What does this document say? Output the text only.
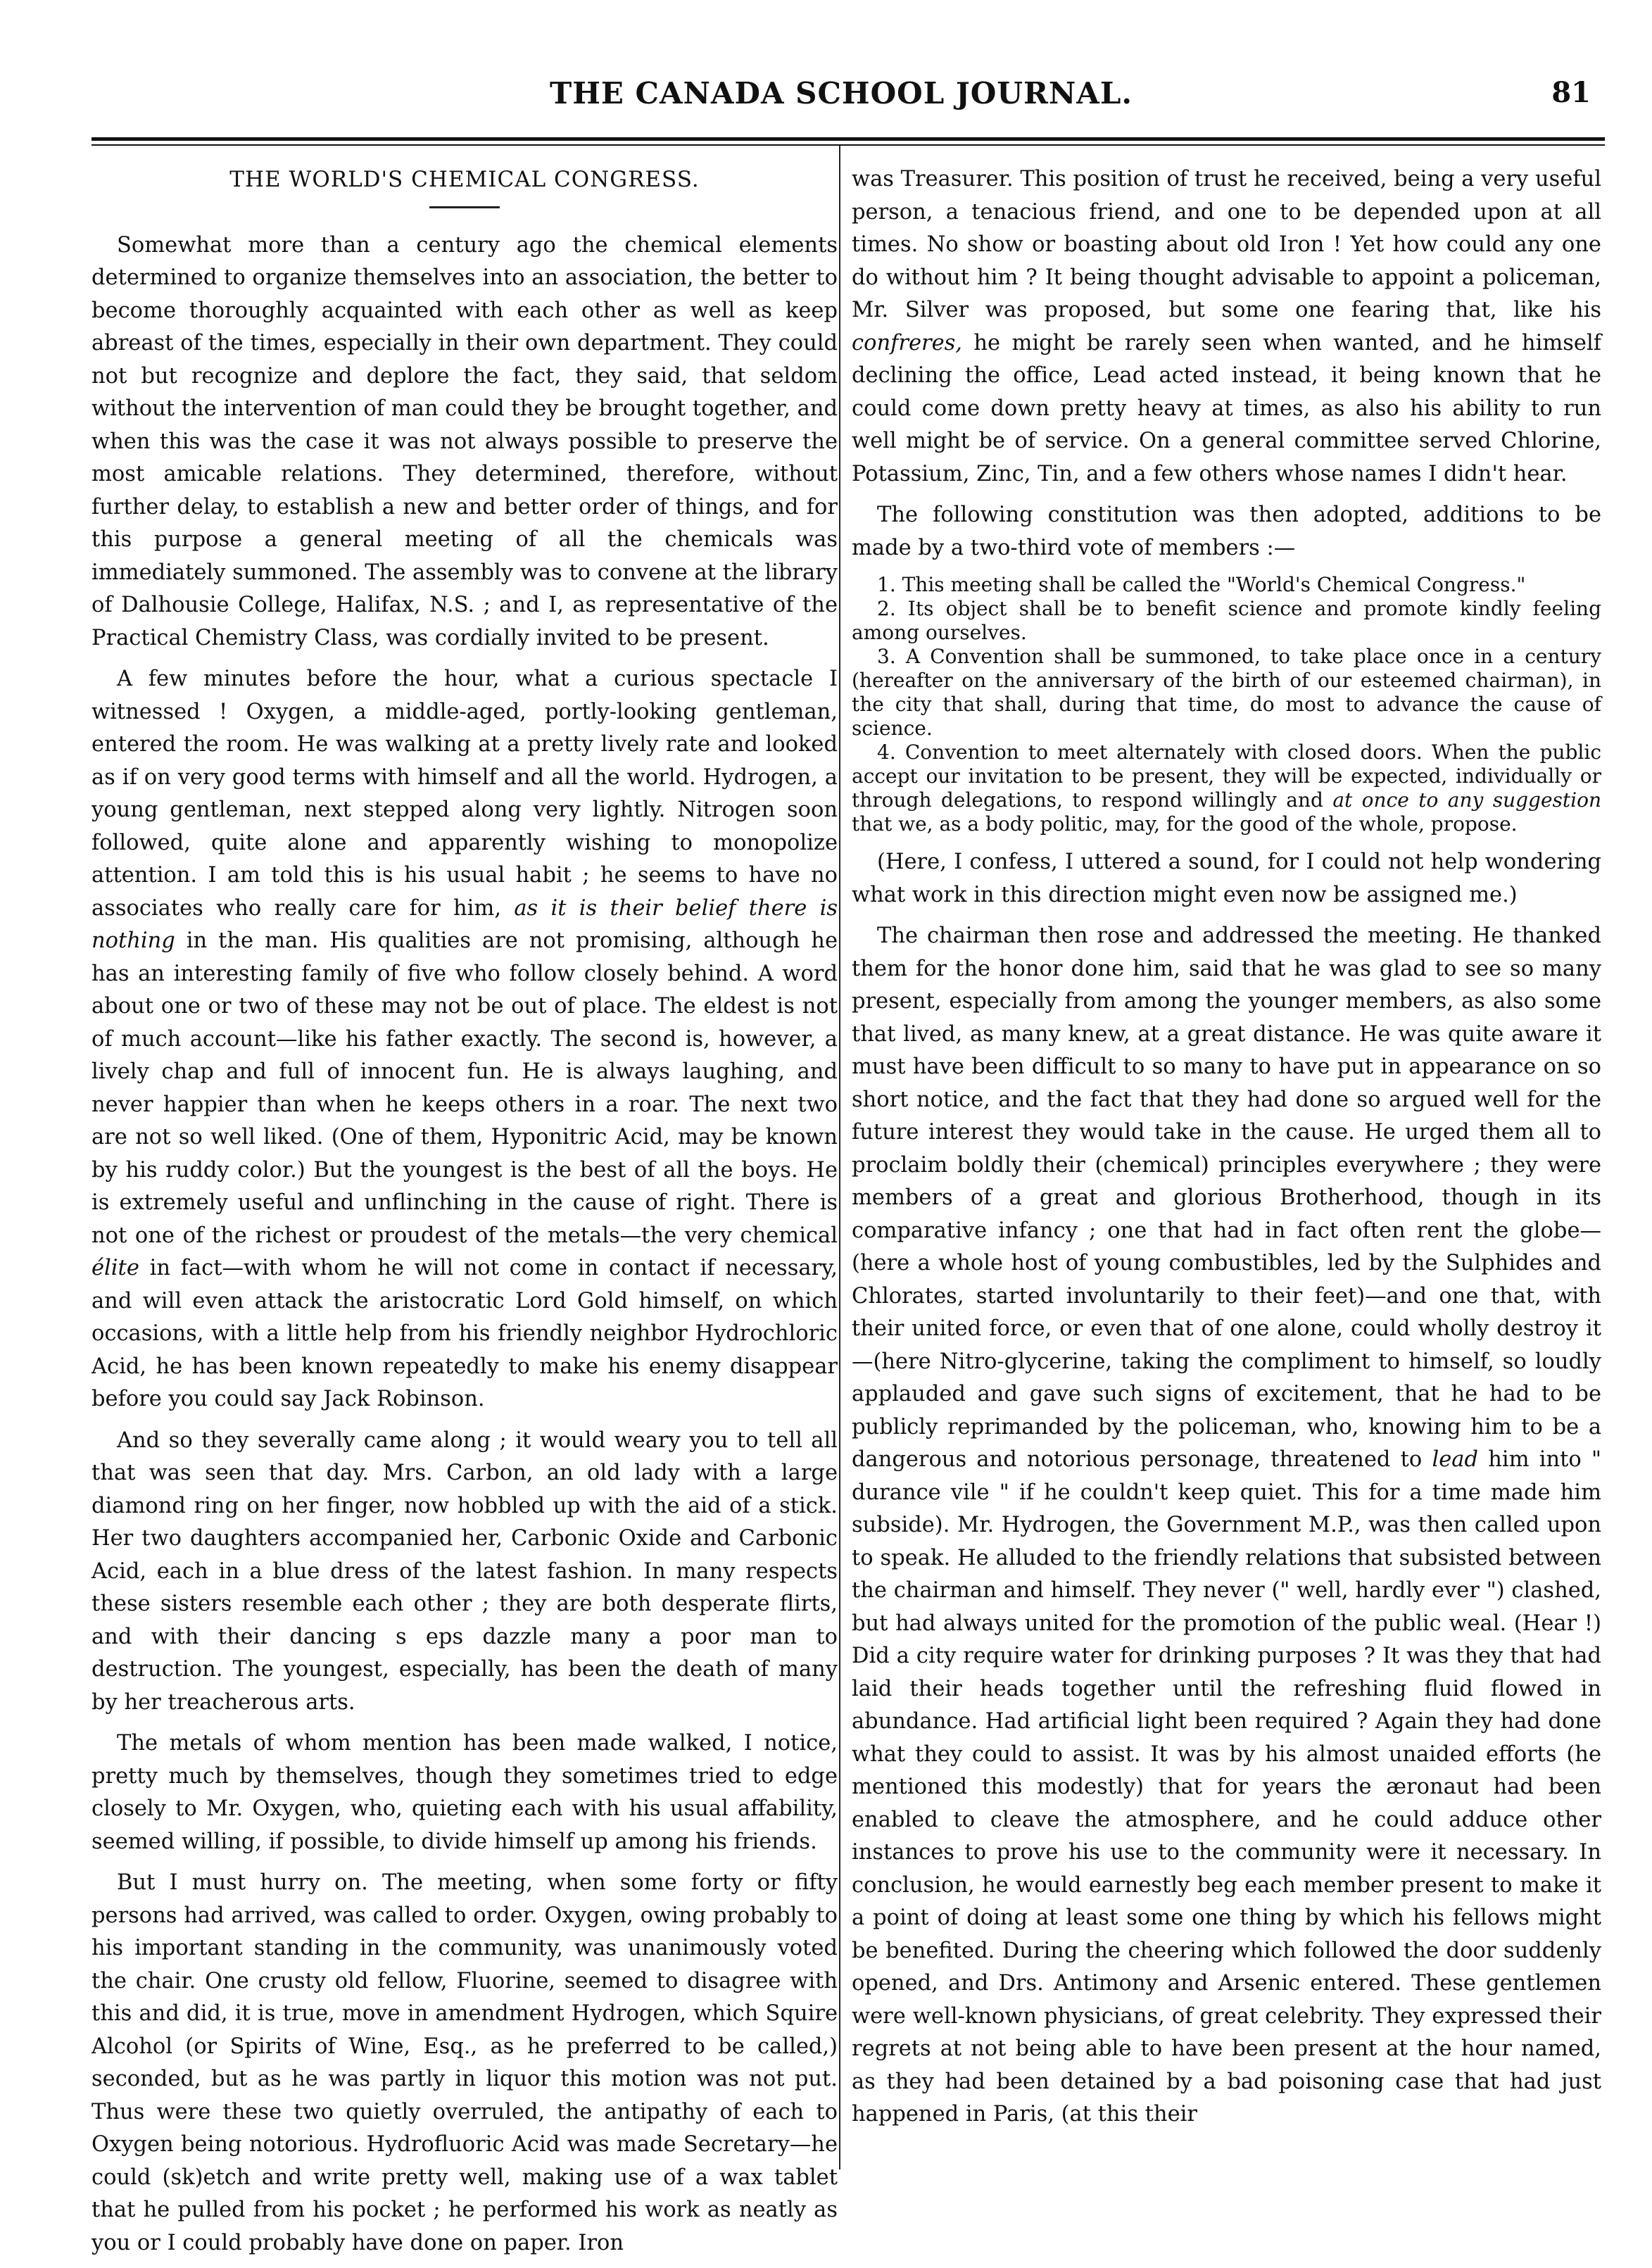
THE CANADA SCHOOL JOURNAL.	81
THE WORLD'S CHEMICAL CONGRESS.

Somewhat more than a century ago the chemical elements determined to organize themselves into an association, the better to become thoroughly acquainted with each other as well as keep abreast of the times, especially in their own department. They could not but recognize and deplore the fact, they said, that seldom without the intervention of man could they be brought together, and when this was the case it was not always possible to preserve the most amicable relations. They determined, therefore, without further delay, to establish a new and better order of things, and for this purpose a general meeting of all the chemicals was immediately summoned. The assembly was to convene at the library of Dalhousie College, Halifax, N.S. ; and I, as representative of the Practical Chemistry Class, was cordially invited to be present.

A few minutes before the hour, what a curious spectacle I witnessed ! Oxygen, a middle-aged, portly-looking gentleman, entered the room. He was walking at a pretty lively rate and looked as if on very good terms with himself and all the world. Hydrogen, a young gentleman, next stepped along very lightly. Nitrogen soon followed, quite alone and apparently wishing to monopolize attention. I am told this is his usual habit ; he seems to have no associates who really care for him, as it is their belief there is nothing in the man. His qualities are not promising, although he has an interesting family of five who follow closely behind. A word about one or two of these may not be out of place. The eldest is not of much account—like his father exactly. The second is, however, a lively chap and full of innocent fun. He is always laughing, and never happier than when he keeps others in a roar. The next two are not so well liked. (One of them, Hyponitric Acid, may be known by his ruddy color.) But the youngest is the best of all the boys. He is extremely useful and unflinching in the cause of right. There is not one of the richest or proudest of the metals—the very chemical élite in fact—with whom he will not come in contact if necessary, and will even attack the aristocratic Lord Gold himself, on which occasions, with a little help from his friendly neighbor Hydrochloric Acid, he has been known repeatedly to make his enemy disappear before you could say Jack Robinson.

And so they severally came along ; it would weary you to tell all that was seen that day. Mrs. Carbon, an old lady with a large diamond ring on her finger, now hobbled up with the aid of a stick. Her two daughters accompanied her, Carbonic Oxide and Carbonic Acid, each in a blue dress of the latest fashion. In many respects these sisters resemble each other ; they are both desperate flirts, and with their dancing s eps dazzle many a poor man to destruction. The youngest, especially, has been the death of many by her treacherous arts.

The metals of whom mention has been made walked, I notice, pretty much by themselves, though they sometimes tried to edge closely to Mr. Oxygen, who, quieting each with his usual affability, seemed willing, if possible, to divide himself up among his friends.

But I must hurry on. The meeting, when some forty or fifty persons had arrived, was called to order. Oxygen, owing probably to his important standing in the community, was unanimously voted the chair. One crusty old fellow, Fluorine, seemed to disagree with this and did, it is true, move in amendment Hydrogen, which Squire Alcohol (or Spirits of Wine, Esq., as he preferred to be called,) seconded, but as he was partly in liquor this motion was not put. Thus were these two quietly overruled, the antipathy of each to Oxygen being notorious. Hydrofluoric Acid was made Secretary—he could (sk)etch and write pretty well, making use of a wax tablet that he pulled from his pocket ; he performed his work as neatly as you or I could probably have done on paper. Iron

was Treasurer. This position of trust he received, being a very useful person, a tenacious friend, and one to be depended upon at all times. No show or boasting about old Iron ! Yet how could any one do without him ? It being thought advisable to appoint a policeman, Mr. Silver was proposed, but some one fearing that, like his confreres, he might be rarely seen when wanted, and he himself declining the office, Lead acted instead, it being known that he could come down pretty heavy at times, as also his ability to run well might be of service. On a general committee served Chlorine, Potassium, Zinc, Tin, and a few others whose names I didn't hear.

The following constitution was then adopted, additions to be made by a two-third vote of members :—

1. This meeting shall be called the "World's Chemical Congress."

2. Its object shall be to benefit science and promote kindly feeling among ourselves.

3. A Convention shall be summoned, to take place once in a century (hereafter on the anniversary of the birth of our esteemed chairman), in the city that shall, during that time, do most to advance the cause of science.

4. Convention to meet alternately with closed doors. When the public accept our invitation to be present, they will be expected, individually or through delegations, to respond willingly and at once to any suggestion that we, as a body politic, may, for the good of the whole, propose.

(Here, I confess, I uttered a sound, for I could not help wondering what work in this direction might even now be assigned me.)

The chairman then rose and addressed the meeting. He thanked them for the honor done him, said that he was glad to see so many present, especially from among the younger members, as also some that lived, as many knew, at a great distance. He was quite aware it must have been difficult to so many to have put in appearance on so short notice, and the fact that they had done so argued well for the future interest they would take in the cause. He urged them all to proclaim boldly their (chemical) principles everywhere ; they were members of a great and glorious Brotherhood, though in its comparative infancy ; one that had in fact often rent the globe—(here a whole host of young combustibles, led by the Sulphides and Chlorates, started involuntarily to their feet)—and one that, with their united force, or even that of one alone, could wholly destroy it—(here Nitro-glycerine, taking the compliment to himself, so loudly applauded and gave such signs of excitement, that he had to be publicly reprimanded by the policeman, who, knowing him to be a dangerous and notorious personage, threatened to lead him into " durance vile " if he couldn't keep quiet. This for a time made him subside). Mr. Hydrogen, the Government M.P., was then called upon to speak. He alluded to the friendly relations that subsisted between the chairman and himself. They never (" well, hardly ever ") clashed, but had always united for the promotion of the public weal. (Hear !) Did a city require water for drinking purposes ? It was they that had laid their heads together until the refreshing fluid flowed in abundance. Had artificial light been required ? Again they had done what they could to assist. It was by his almost unaided efforts (he mentioned this modestly) that for years the æronaut had been enabled to cleave the atmosphere, and he could adduce other instances to prove his use to the community were it necessary. In conclusion, he would earnestly beg each member present to make it a point of doing at least some one thing by which his fellows might be benefited. During the cheering which followed the door suddenly opened, and Drs. Antimony and Arsenic entered. These gentlemen were well-known physicians, of great celebrity. They expressed their regrets at not being able to have been present at the hour named, as they had been detained by a bad poisoning case that had just happened in Paris, (at this their
